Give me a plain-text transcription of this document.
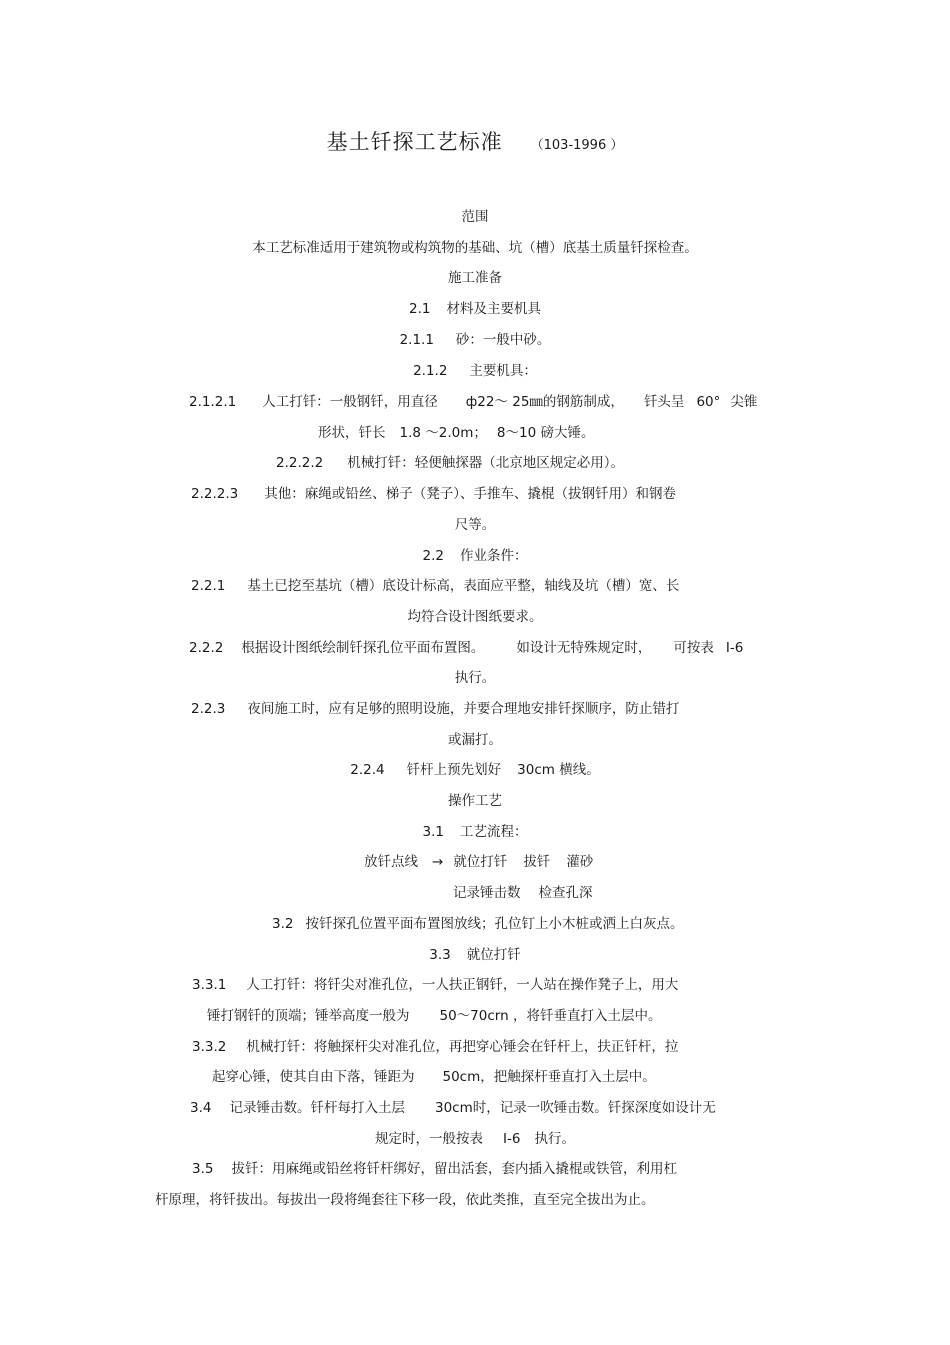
基土钎探工艺标准 （103-1996 ）
范围
本工艺标准适用于建筑物或构筑物的基础、坑（槽）底基土质量钎探检查。
施工准备
2.1 材料及主要机具
2.1.1 砂：一般中砂。
2.1.2 主要机具：
2.1.2.1 人工打钎：一般钢钎，用直径 ф22～ 25㎜的钢筋制成， 钎头呈 60° 尖锥
形状，钎长 1.8 ～2.0m； 8～10 磅大锤。
2.2.2.2 机械打钎：轻便触探器（北京地区规定必用）。
2.2.2.3 其他：麻绳或铅丝、梯子（凳子）、手推车、撬棍（拔钢钎用）和钢卷
尺等。
2.2 作业条件：
2.2.1 基土已挖至基坑（槽）底设计标高，表面应平整，轴线及坑（槽）宽、长
均符合设计图纸要求。
2.2.2 根据设计图纸绘制钎探孔位平面布置图。 如设计无特殊规定时， 可按表 I-6
执行。
2.2.3 夜间施工时，应有足够的照明设施，并要合理地安排钎探顺序，防止错打
或漏打。
2.2.4 钎杆上预先划好 30cm 横线。
操作工艺
3.1 工艺流程：
放钎点线 → 就位打钎 拔钎 灌砂
记录锤击数 检查孔深
3.2 按钎探孔位置平面布置图放线；孔位钉上小木桩或洒上白灰点。
3.3 就位打钎
3.3.1 人工打钎：将钎尖对准孔位，一人扶正钢钎，一人站在操作凳子上，用大
锤打钢钎的顶端；锤举高度一般为 50～70crn ，将钎垂直打入土层中。
3.3.2 机械打钎：将触探杆尖对准孔位，再把穿心锤会在钎杆上，扶正钎杆，拉
起穿心锤，使其自由下落，锤距为 50cm，把触探杆垂直打入土层中。
3.4 记录锤击数。钎杆每打入土层 30cm时，记录一吹锤击数。钎探深度如设计无
规定时，一般按表 I-6 执行。
3.5 拔钎：用麻绳或铅丝将钎杆绑好，留出活套，套内插入撬棍或铁管，利用杠
杆原理，将钎拔出。每拔出一段将绳套往下移一段，依此类推，直至完全拔出为止。
